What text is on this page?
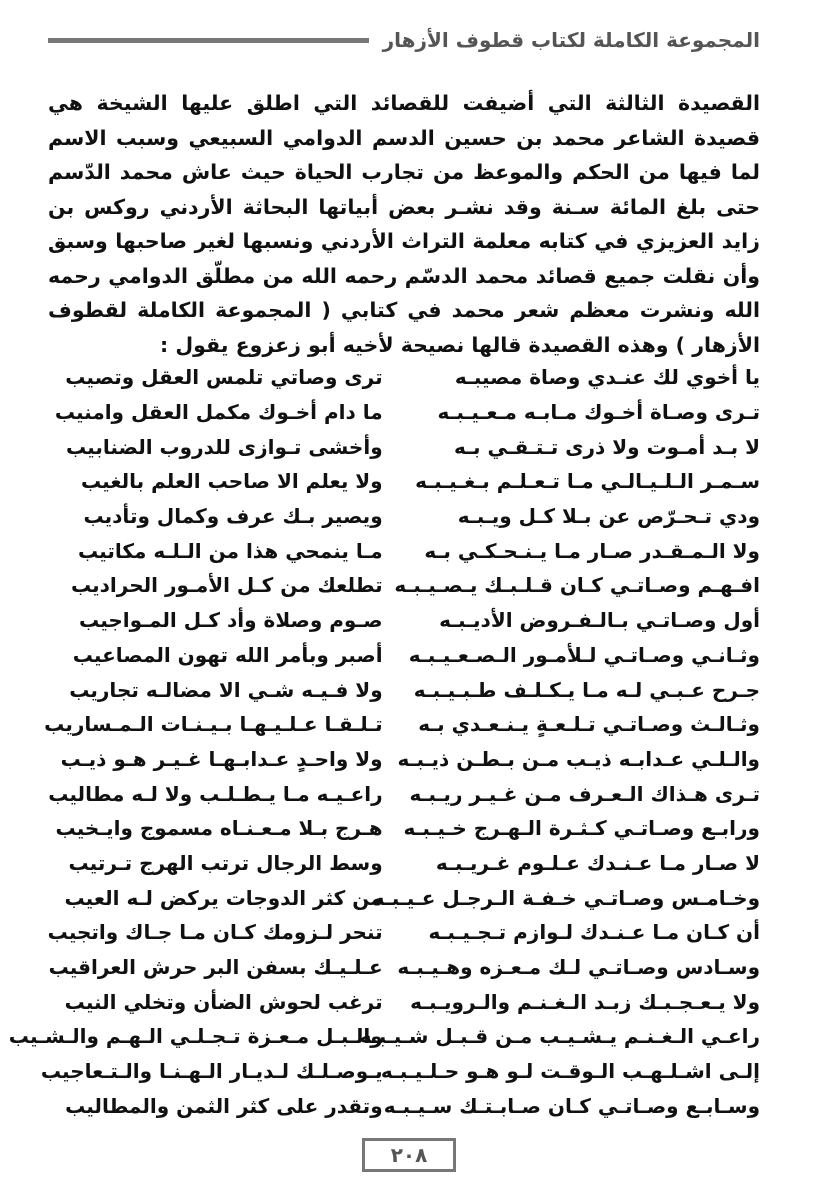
المجموعة الكاملة لكتاب قطوف الأزهار

القصيدة الثالثة التي أضيفت للقصائد التي اطلق عليها الشيخة هي قصيدة الشاعر محمد بن حسين الدسم الدوامي السبيعي وسبب الاسم لما فيها من الحكم والموعظ من تجارب الحياة حيث عاش محمد الدّسم حتى بلغ المائة سـنة وقد نشـر بعض أبياتها البحاثة الأردني روكس بن زايد العزيزي في كتابه معلمة التراث الأردني ونسبها لغير صاحبها وسبق وأن نقلت جميع قصائد محمد الدسّم رحمه الله من مطلّق الدوامي رحمه الله ونشرت معظم شعر محمد في كتابي ( المجموعة الكاملة لقطوف الأزهار ) وهذه القصيدة قالها نصيحة لأخيه أبو زعزوع يقول :

يا أخوي لك عنـدي وصاة مصيبـه
ترى وصاتي تلمس العقل وتصيب
تـرى وصـاة أخـوك مـابـه مـعـيـبـه
ما دام أخـوك مكمل العقل وامنيب
لا بـد أمـوت ولا ذرى تـتـقـي بـه
وأخشى تـوازى للدروب الضنابيب
سـمـر الـلـيـالـي مـا تـعـلـم بـغـيـبـه
ولا يعلم الا صاحب العلم بالغيب
ودي تـحـرّص عن بـلا كـل ويـبـه
ويصير بـك عرف وكمال وتأديب
ولا الـمـقـدر صـار مـا يـنـحـكـي بـه
مـا ينمحي هذا من الـلـه مكاتيب
افـهـم وصـاتـي كـان قـلـبـك يـصـيـبـه
تطلعك من كـل الأمـور الحراديب
أول وصـاتـي بـالـفـروض الأديـبـه
صـوم وصلاة وأد كـل المـواجيب
وثـانـي وصـاتـي لـلأمـور الـصـعـيـبـه
أصبر وبأمر الله تهون المصاعيب
جـرح عـبـي لـه مـا يـكـلـف طـبـيـبـه
ولا فـيـه شـي الا مضالـه تجاريب
وثـالـث وصـاتـي تـلـعـةٍ يـنـعـدي بـه
تـلـقـا عـلـيـهـا بـيـنـات الـمـساريب
والـلـي عـدابـه ذيـب مـن بـطـن ذيـبـه
ولا واحـدٍ عـدابـهـا غـيـر هـو ذيـب
تـرى هـذاك الـعـرف مـن غـيـر ريـبـه
راعـيـه مـا يـطـلـب ولا لـه مطاليب
ورابـع وصـاتـي كـثـرة الـهـرج خـيـبـه
هـرج بـلا مـعـنـاه مسموج وايـخيب
لا صـار مـا عـنـدك عـلـوم غـريـبـه
وسط الرجال ترتب الهرج تـرتيب
وخـامـس وصـاتـي خـفـة الـرجـل عـيـبـه
من كثر الدوجات يركض لـه العيب
أن كـان مـا عـنـدك لـوازم تـجـيـبـه
تنحر لـزومك كـان مـا جـاك واتجيب
وسـادس وصـاتـي لـك مـعـزه وهـيـبـه
عـلـيـك بسفن البر حرش العراقيب
ولا يـعـجـبـك زبـد الـغـنـم والـرويـبـه
ترغب لحوش الضأن وتخلي النيب
راعـي الـغـنـم يـشـيـب مـن قـبـل شـيـبـه
والـبـل مـعـزة تـجـلـي الـهـم والـشـيب
إلـى اشـلـهـب الـوقـت لـو هـو حـلـيـبـه
يـوصـلـك لـديـار الـهـنـا والـتـعاجيب
وسـابـع وصـاتـي كـان صـابـتـك سـيـبـه
وتقدر على كثر الثمن والمطاليب
٢٠٨
